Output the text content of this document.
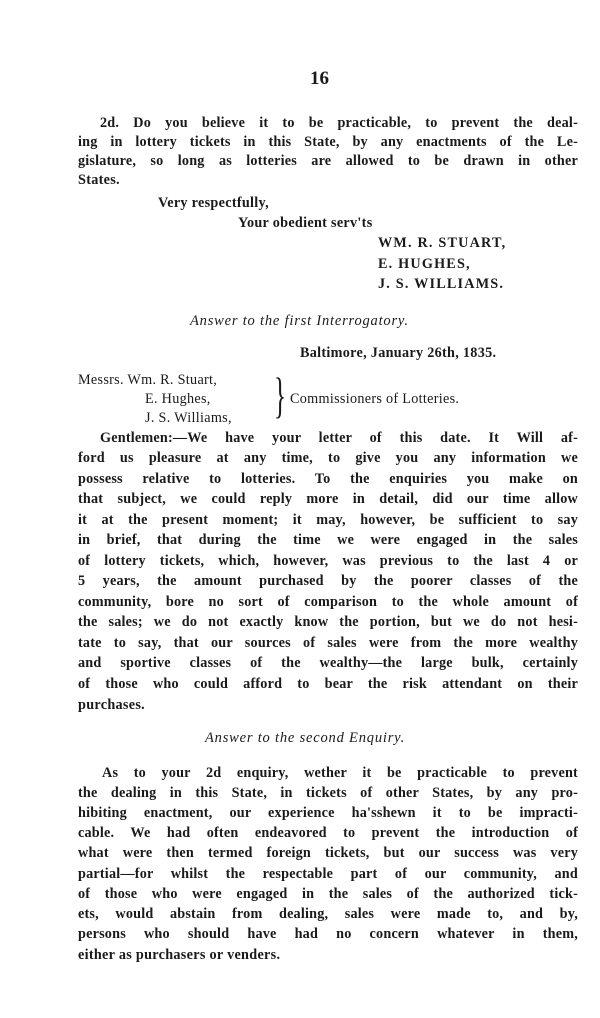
16
2d. Do you believe it to be practicable, to prevent the deal-
ing in lottery tickets in this State, by any enactments of the Le-
gislature, so long as lotteries are allowed to be drawn in other
States.
Very respectfully,
Your obedient serv'ts
WM. R. STUART,
E. HUGHES,
J. S. WILLIAMS.
Answer to the first Interrogatory.
Baltimore, January 26th, 1835.
Messrs. Wm. R. Stuart,
E. Hughes,
J. S. Williams, } Commissioners of Lotteries.
Gentlemen:—We have your letter of this date. It Will af-
ford us pleasure at any time, to give you any information we
possess relative to lotteries. To the enquiries you make on
that subject, we could reply more in detail, did our time allow
it at the present moment; it may, however, be sufficient to say
in brief, that during the time we were engaged in the sales
of lottery tickets, which, however, was previous to the last 4 or
5 years, the amount purchased by the poorer classes of the
community, bore no sort of comparison to the whole amount of
the sales; we do not exactly know the portion, but we do not hesi-
tate to say, that our sources of sales were from the more wealthy
and sportive classes of the wealthy—the large bulk, certainly
of those who could afford to bear the risk attendant on their
purchases.
Answer to the second Enquiry.
As to your 2d enquiry, wether it be practicable to prevent
the dealing in this State, in tickets of other States, by any pro-
hibiting enactment, our experience ha'sshewn it to be impracti-
cable. We had often endeavored to prevent the introduction of
what were then termed foreign tickets, but our success was very
partial—for whilst the respectable part of our community, and
of those who were engaged in the sales of the authorized tick-
ets, would abstain from dealing, sales were made to, and by,
persons who should have had no concern whatever in them,
either as purchasers or venders.
